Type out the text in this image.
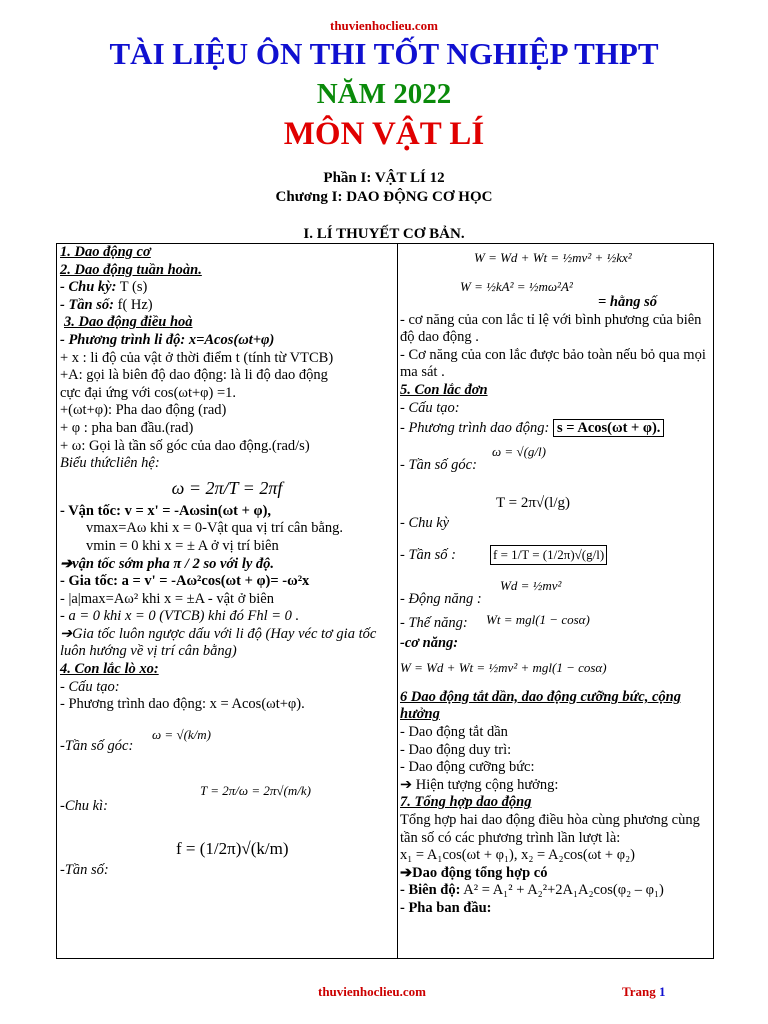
thuvienhoclieu.com
TÀI LIỆU ÔN THI TỐT NGHIỆP THPT
NĂM 2022
MÔN VẬT LÍ
Phần I: VẬT LÍ 12
Chương I: DAO ĐỘNG CƠ HỌC
I. LÍ THUYẾT CƠ BẢN.
1. Dao động cơ
2. Dao động tuần hoàn.
- Chu kỳ: T (s)
- Tần số: f( Hz)
3. Dao động điều hoà
- Phương trình li độ: x=Acos(ωt+φ)
+ x : li độ của vật ở thời điểm t (tính từ VTCB)
+A: gọi là biên độ dao động: là li độ dao động
cực đại ứng với cos(ωt+φ) =1.
+(ωt+φ): Pha dao động (rad)
+ φ : pha ban đầu.(rad)
+ ω: Gọi là tần số góc của dao động.(rad/s)
Biểu thứcliên hệ:
ω = 2π/T = 2πf
- Vận tốc: v = x' = -Aωsin(ωt + φ),
vmax=Aω khi x = 0-Vật qua vị trí cân bằng.
vmin = 0 khi x = ± A ở vị trí biên
➔vận tốc sớm pha π / 2 so với ly độ.
- Gia tốc: a = v' = -Aω²cos(ωt + φ)= -ω²x
- |a|max=Aω² khi x = ±A - vật ở biên
- a = 0 khi x = 0 (VTCB) khi đó Fhl = 0 .
➔Gia tốc luôn ngược dấu với li độ (Hay véc tơ gia tốc luôn hướng về vị trí cân bằng)
4. Con lắc lò xo:
- Cấu tạo:
- Phương trình dao động: x = Acos(ωt+φ).
-Tần số góc:
ω = √(k/m)
-Chu kì:
T = 2π/ω = 2π√(m/k)
-Tần số:
f = (1/2π)√(k/m)
W = Wd + Wt = ½mv² + ½kx²
W = ½kA² = ½mω²A²
= hằng số
- cơ năng của con lắc tỉ lệ với bình phương của biên độ dao động .
- Cơ năng của con lắc được bảo toàn nếu bỏ qua mọi ma sát .
5. Con lắc đơn
- Cấu tạo:
- Phương trình dao động: s = Acos(ωt + φ).
- Tần số góc:
ω = √(g/l)
T = 2π√(l/g)
- Chu kỳ
- Tần số :	f = 1/T = (1/2π)√(g/l)
- Động năng :
Wd = ½mv²
- Thế năng: Wt = mgl(1 − cosα)
-cơ năng:
W = Wd + Wt = ½mv² + mgl(1 − cosα)
6 Dao động tắt dần, dao động cưỡng bức, cộng hưởng
- Dao động tắt dần
- Dao động duy trì:
- Dao động cưỡng bức:
➔ Hiện tượng cộng hưởng:
7. Tổng hợp dao động
Tổng hợp hai dao động điều hòa cùng phương cùng tần số có các phương trình lần lượt là:
x₁ = A₁cos(ωt + φ₁), x₂ = A₂cos(ωt + φ₂)
➔Dao động tổng hợp có
- Biên độ: A² = A₁² + A₂²+2A₁A₂cos(φ₂ – φ₁)
- Pha ban đầu:
thuvienhoclieu.com	Trang 1
